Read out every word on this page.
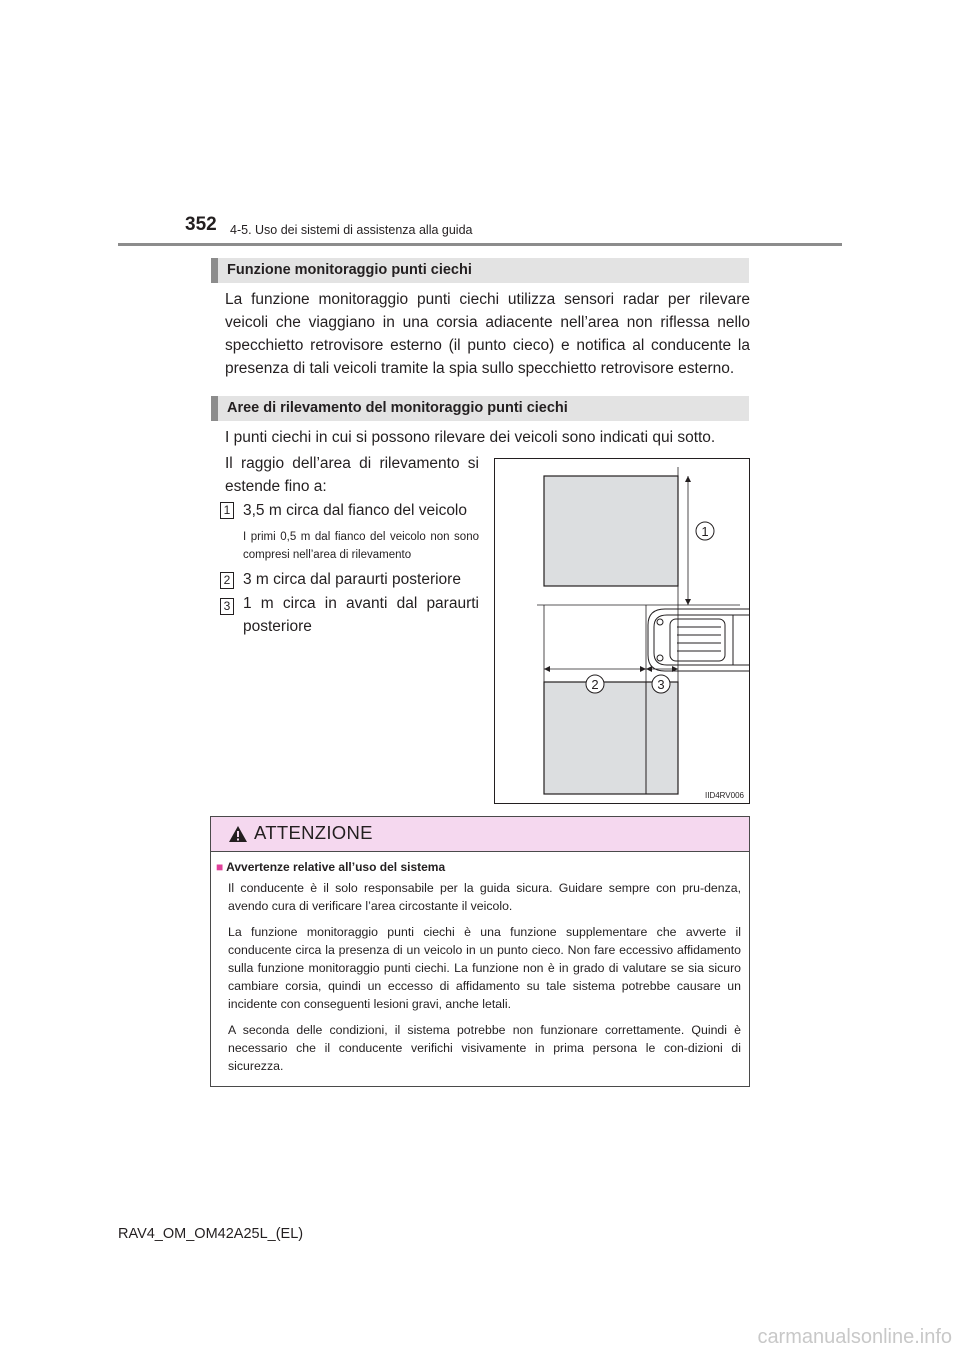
352 4-5. Uso dei sistemi di assistenza alla guida
Funzione monitoraggio punti ciechi
La funzione monitoraggio punti ciechi utilizza sensori radar per rilevare veicoli che viaggiano in una corsia adiacente nell’area non riflessa nello specchietto retrovisore esterno (il punto cieco) e notifica al conducente la presenza di tali veicoli tramite la spia sullo specchietto retrovisore esterno.
Aree di rilevamento del monitoraggio punti ciechi
I punti ciechi in cui si possono rilevare dei veicoli sono indicati qui sotto.
Il raggio dell’area di rilevamento si estende fino a:
1 3,5 m circa dal fianco del veicolo
I primi 0,5 m dal fianco del veicolo non sono compresi nell’area di rilevamento
2 3 m circa dal paraurti posteriore
3 1 m circa in avanti dal paraurti posteriore
1
2	3
IID4RV006
ATTENZIONE
■ Avvertenze relative all’uso del sistema
Il conducente è il solo responsabile per la guida sicura. Guidare sempre con pru-denza, avendo cura di verificare l’area circostante il veicolo.
La funzione monitoraggio punti ciechi è una funzione supplementare che avverte il conducente circa la presenza di un veicolo in un punto cieco. Non fare eccessivo affidamento sulla funzione monitoraggio punti ciechi. La funzione non è in grado di valutare se sia sicuro cambiare corsia, quindi un eccesso di affidamento su tale sistema potrebbe causare un incidente con conseguenti lesioni gravi, anche letali.
A seconda delle condizioni, il sistema potrebbe non funzionare correttamente. Quindi è necessario che il conducente verifichi visivamente in prima persona le con-dizioni di sicurezza.
RAV4_OM_OM42A25L_(EL)
carmanualsonline.info
